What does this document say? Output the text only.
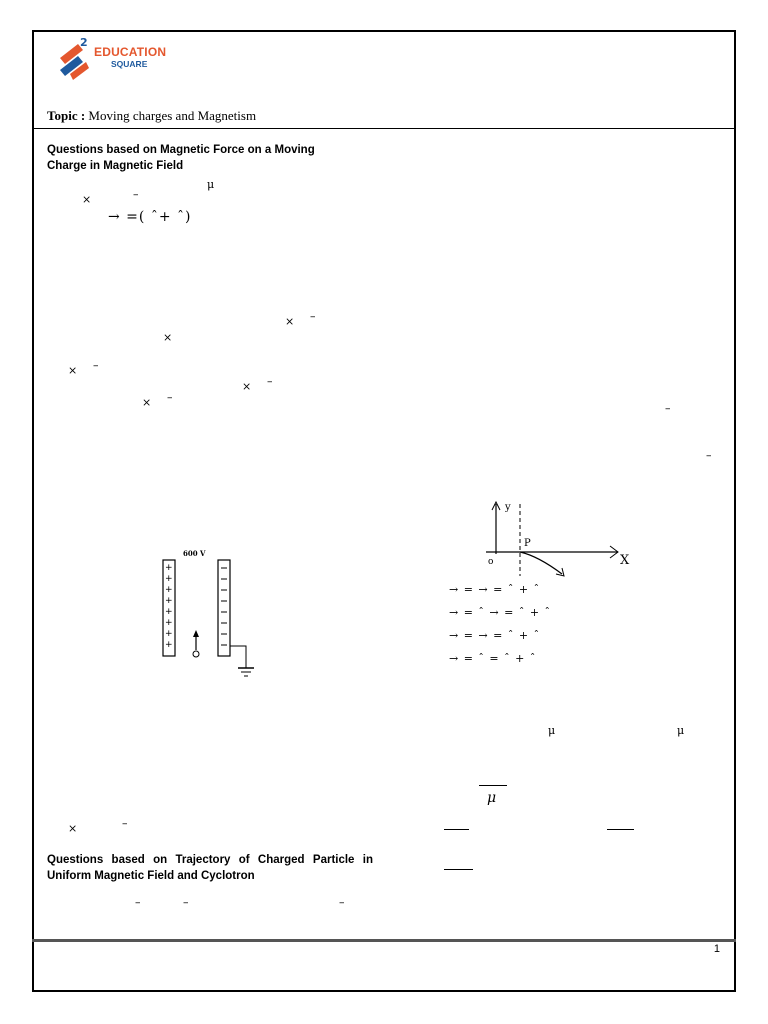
EDUCATION
2
SQUARE
Topic : Moving charges and Magnetism
Questions based on Magnetic Force on a Moving Charge in Magnetic Field
μ
×	–
→ =( ˆ+ ˆ)
× –
×
× –
× –
× –
–
–
600 V
+
+
+
+
+
+
+
+
y
X
o
P
→ = → = ˆ + ˆ
→ = ˆ → = ˆ + ˆ
→ = → = ˆ + ˆ
→ = ˆ = ˆ + ˆ
μ	μ
μ
×	–
Questions based on Trajectory of Charged Particle in Uniform Magnetic Field and Cyclotron
–	–	–
1
